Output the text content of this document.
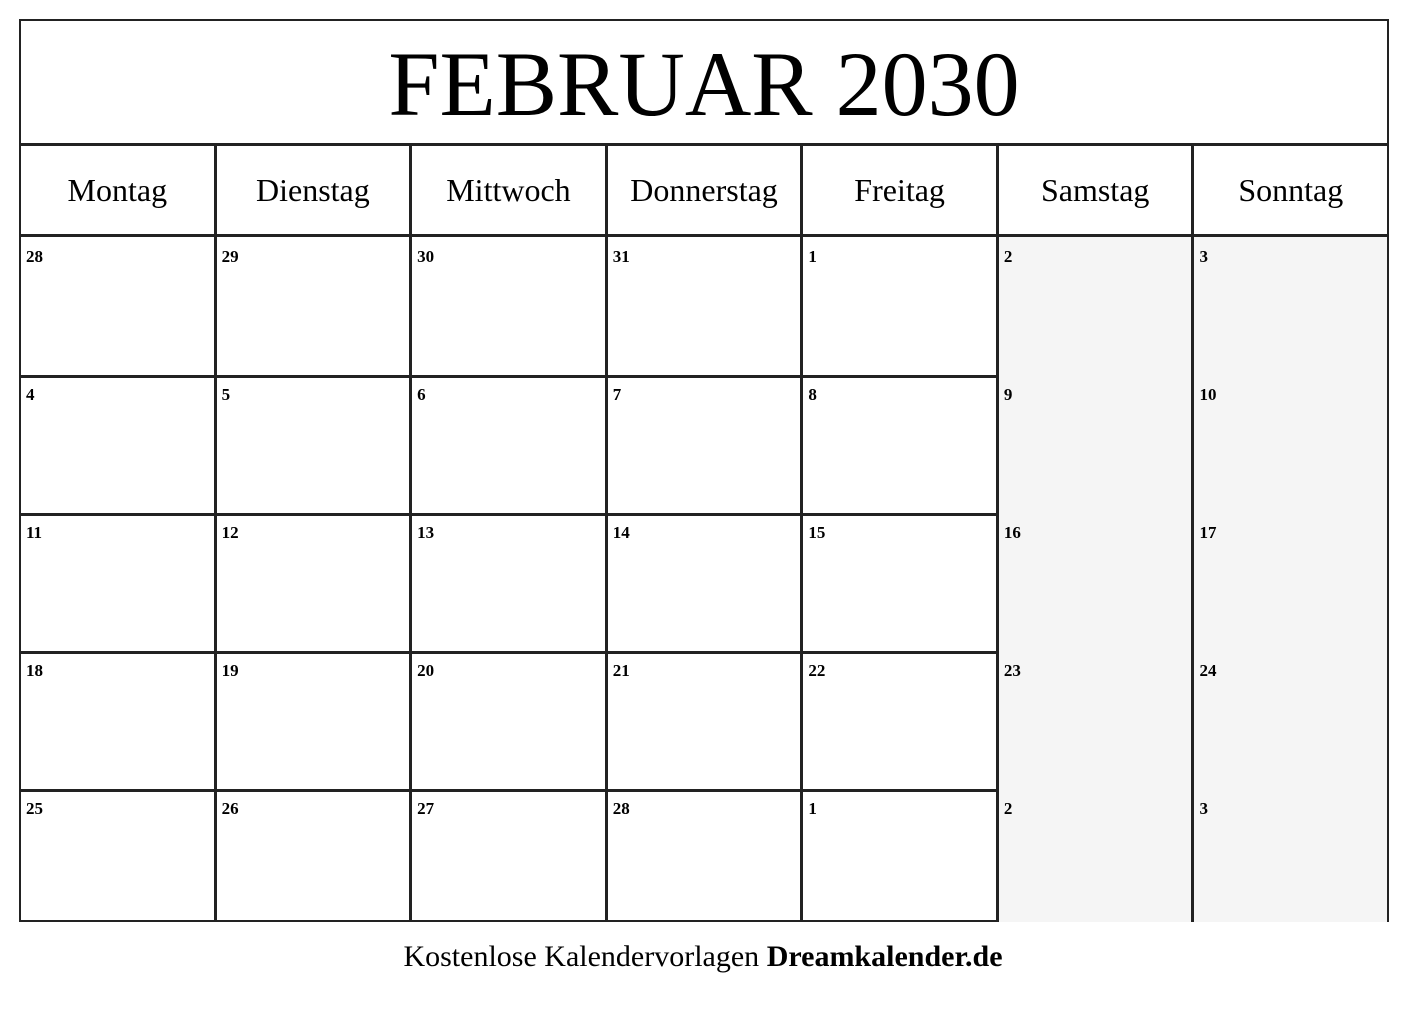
FEBRUAR 2030
Montag	Dienstag	Mittwoch	Donnerstag	Freitag	Samstag	Sonntag
28	29	30	31	1	2	3
4	5	6	7	8	9	10
11	12	13	14	15	16	17
18	19	20	21	22	23	24
25	26	27	28	1	2	3
Kostenlose Kalendervorlagen Dreamkalender.de
